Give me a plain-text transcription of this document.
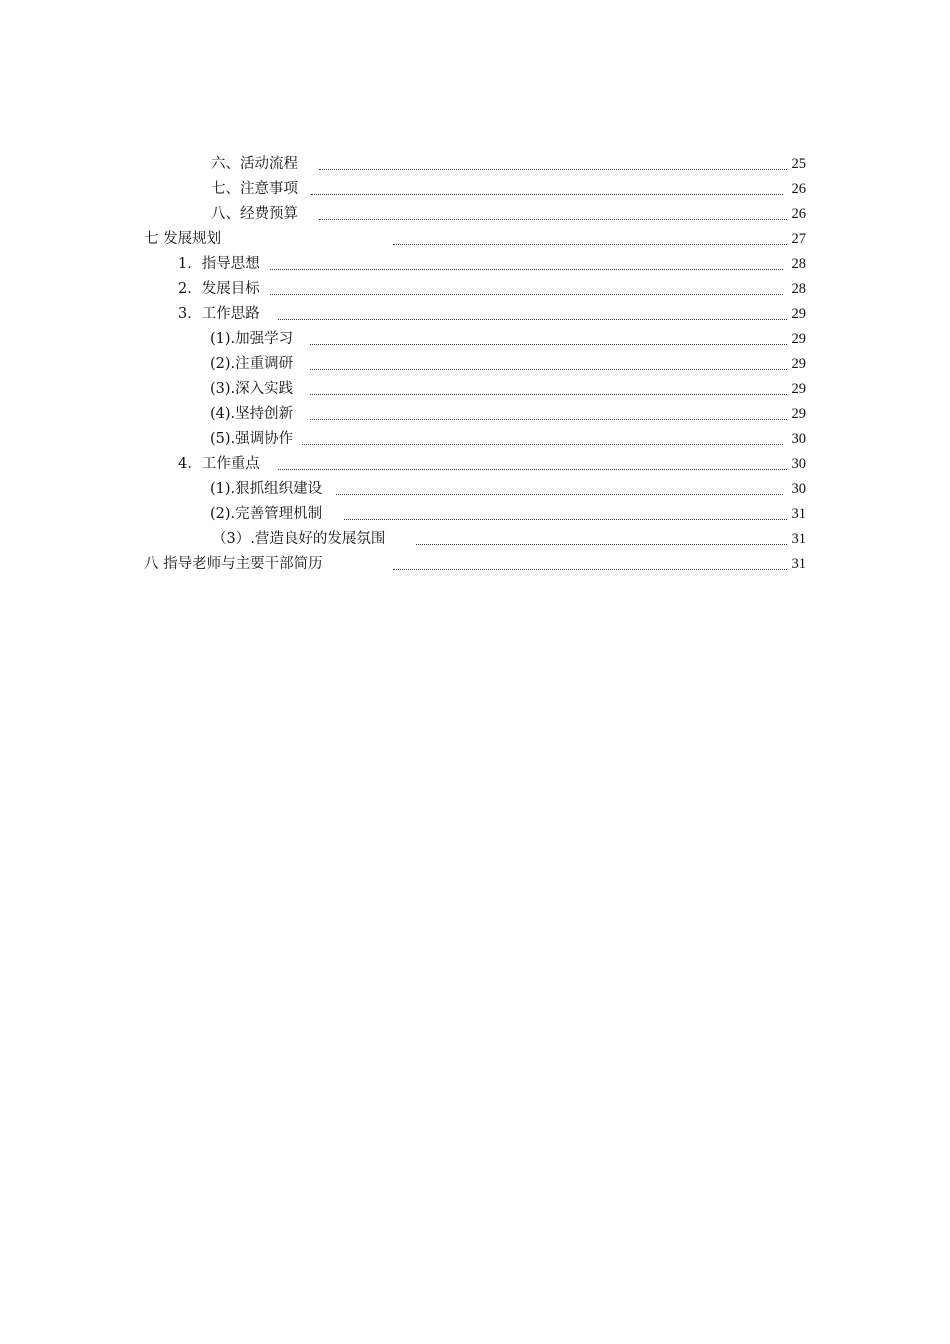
六、活动流程	25
七、注意事项	26
八、经费预算	26
七 发展规划	27
1．指导思想	28
2．发展目标	28
3．工作思路	29
(1).加强学习	29
(2).注重调研	29
(3).深入实践	29
(4).坚持创新	29
(5).强调协作	30
4．工作重点	30
(1).狠抓组织建设	30
(2).完善管理机制	31
（3）.营造良好的发展氛围	31
八 指导老师与主要干部简历	31
